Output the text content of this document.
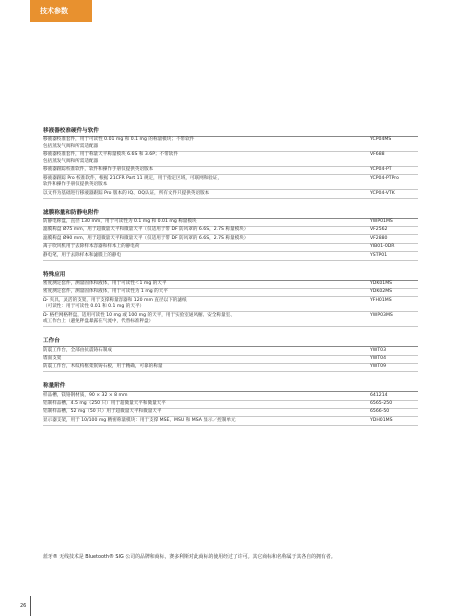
技术参数
移液器校准硬件与软件
移液器校准套件，用于可读性 0.01 mg 和 0.1 mg 的称量模块；不带软件
包括蒸发气阀和所需适配器
YCP04MS
移液器校准套件，用于称量天平称量模块 6.6S 和 3.6P；不带软件
包括蒸发气阀和所需适配器
VF688
移液器跟踪校准软件，软件和操作手册仅提供英语版本	YCP04-PT
移液器跟踪 Pro 校准软件，根据 21CFR Part 11 规定，用于指定区域，可联网和验证，
软件和操作手册仅提供英语版本
YCP04-PTPro
以文件为基础进行移液器跟踪 Pro 版本的 IQ、OQ认证，所有文件只提供英语版本	YCP04-VTK
滤膜称量和防静电附件
防静电称盘，直径 130 mm，用于可读性为 0.1 mg 和 0.01 mg 称量模块	YWP01MS
滤膜称盘 Ø75 mm，用于超微量天平和微量天平（仅适用于带 DF 防风罩的 6.6S，2.7S 称量模块）	VF2562
滤膜称盘 Ø90 mm，用于超微量天平和微量天平（仅适用于带 DF 防风罩的 6.6S，2.7S 称量模块）	VF2880
离子吹风机用于去除样本容器和样本上的静电荷	YIB01-0DR
静电笔，用于去除样本和滤膜上的静电	YSTP01
特殊应用
密度测定套件，测量固体和液体，用于可读性＜1 mg 的天平	YDK01MS
密度测定套件，测量固体和液体，用于可读性为 1 mg 的天平	YDK02MS
Ω- 夹具，灵活的支架，用于支撑称量容器和 120 mm 直径以下的滤纸
（可读性：用于可读性 0.01 和 0.1 mg 的天平）
YFH01MS
Ω- 格栏网格秤盘，适用可读性 10 mg 或 100 mg 的天平，用于实验室通风橱、安全称量室、
或工作台上（避免秤盘暴露在气流中，代替标准秤盘）
YWP03MS
工作台
防震工作台，全部由抗震铸石制成	YWT03
墙面支架	YWT04
防震工作台，木纹构框架嵌铸石板，用于精确，可靠的称量	YWT09
称量附件
样品槽，镁铬钢材质，90 × 32 × 8 mm	641214
铝制样品槽，4.5 mg（250 只）用于超微量天平和微量天平	6565-250
铝制样品槽，52 mg（50 只）用于超微量天平和微量天平	6566-50
显示器支架，用于 10/100 mg 精密称量模块：用于支撑 MSE、MSU 和 MSA 显示／控制单元	YDH01MS
蓝牙® 无线技术是 Bluetooth® SIG 公司的品牌和商标，赛多利斯对此商标的使用经过了许可。其它商标和名称属于其各自的拥有者。
26
